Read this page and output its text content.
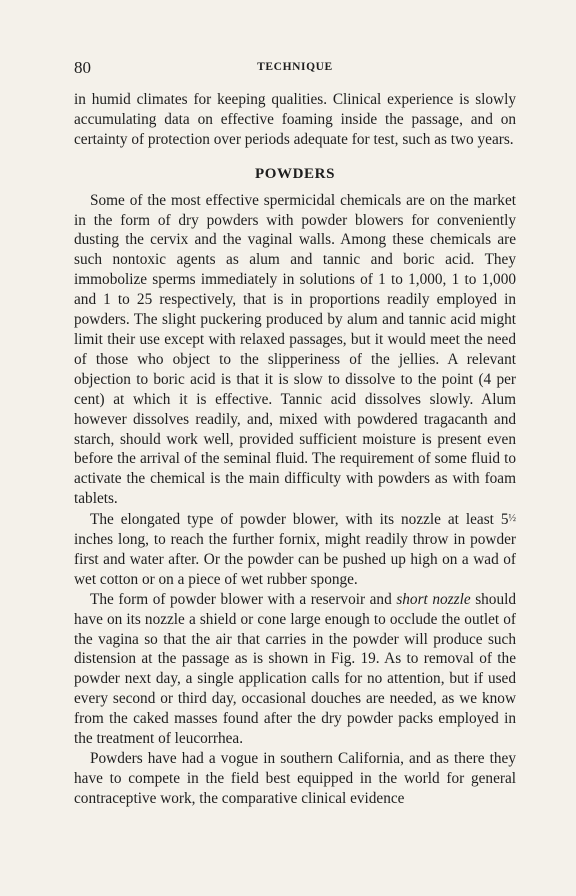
80	TECHNIQUE

in humid climates for keeping qualities. Clinical experience is slowly accumulating data on effective foaming inside the passage, and on certainty of protection over periods adequate for test, such as two years.

POWDERS

Some of the most effective spermicidal chemicals are on the market in the form of dry powders with powder blowers for conveniently dusting the cervix and the vaginal walls. Among these chemicals are such nontoxic agents as alum and tannic and boric acid. They immobolize sperms immediately in solutions of 1 to 1,000, 1 to 1,000 and 1 to 25 respectively, that is in proportions readily employed in powders. The slight puckering produced by alum and tannic acid might limit their use except with relaxed passages, but it would meet the need of those who object to the slipperiness of the jellies. A relevant objection to boric acid is that it is slow to dissolve to the point (4 per cent) at which it is effective. Tannic acid dissolves slowly. Alum however dissolves readily, and, mixed with powdered tragacanth and starch, should work well, provided sufficient moisture is present even before the arrival of the seminal fluid. The requirement of some fluid to activate the chemical is the main difficulty with powders as with foam tablets.

The elongated type of powder blower, with its nozzle at least 5½ inches long, to reach the further fornix, might readily throw in powder first and water after. Or the powder can be pushed up high on a wad of wet cotton or on a piece of wet rubber sponge.

The form of powder blower with a reservoir and short nozzle should have on its nozzle a shield or cone large enough to occlude the outlet of the vagina so that the air that carries in the powder will produce such distension at the passage as is shown in Fig. 19. As to removal of the powder next day, a single application calls for no attention, but if used every second or third day, occasional douches are needed, as we know from the caked masses found after the dry powder packs employed in the treatment of leucorrhea.

Powders have had a vogue in southern California, and as there they have to compete in the field best equipped in the world for general contraceptive work, the comparative clinical evidence
